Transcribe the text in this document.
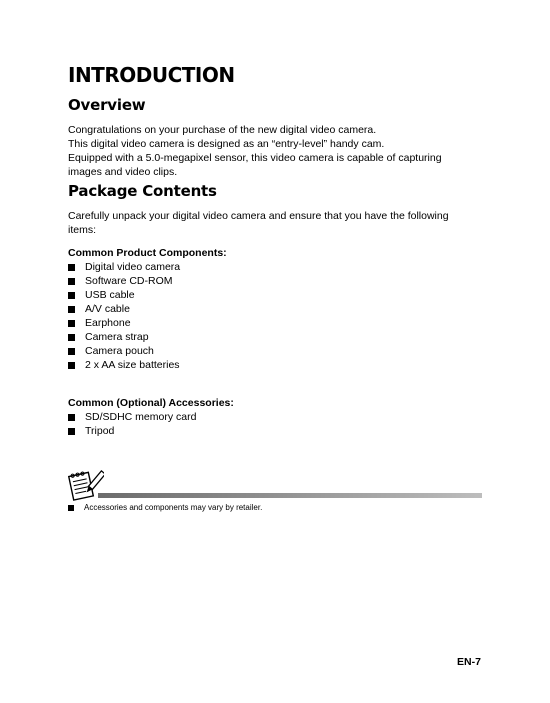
INTRODUCTION
Overview
Congratulations on your purchase of the new digital video camera.
This digital video camera is designed as an “entry-level” handy cam.
Equipped with a 5.0-megapixel sensor, this video camera is capable of capturing
images and video clips.
Package Contents
Carefully unpack your digital video camera and ensure that you have the following
items:
Common Product Components:
Digital video camera
Software CD-ROM
USB cable
A/V cable
Earphone
Camera strap
Camera pouch
2 x AA size batteries
Common (Optional) Accessories:
SD/SDHC memory card
Tripod
Accessories and components may vary by retailer.
EN-7
